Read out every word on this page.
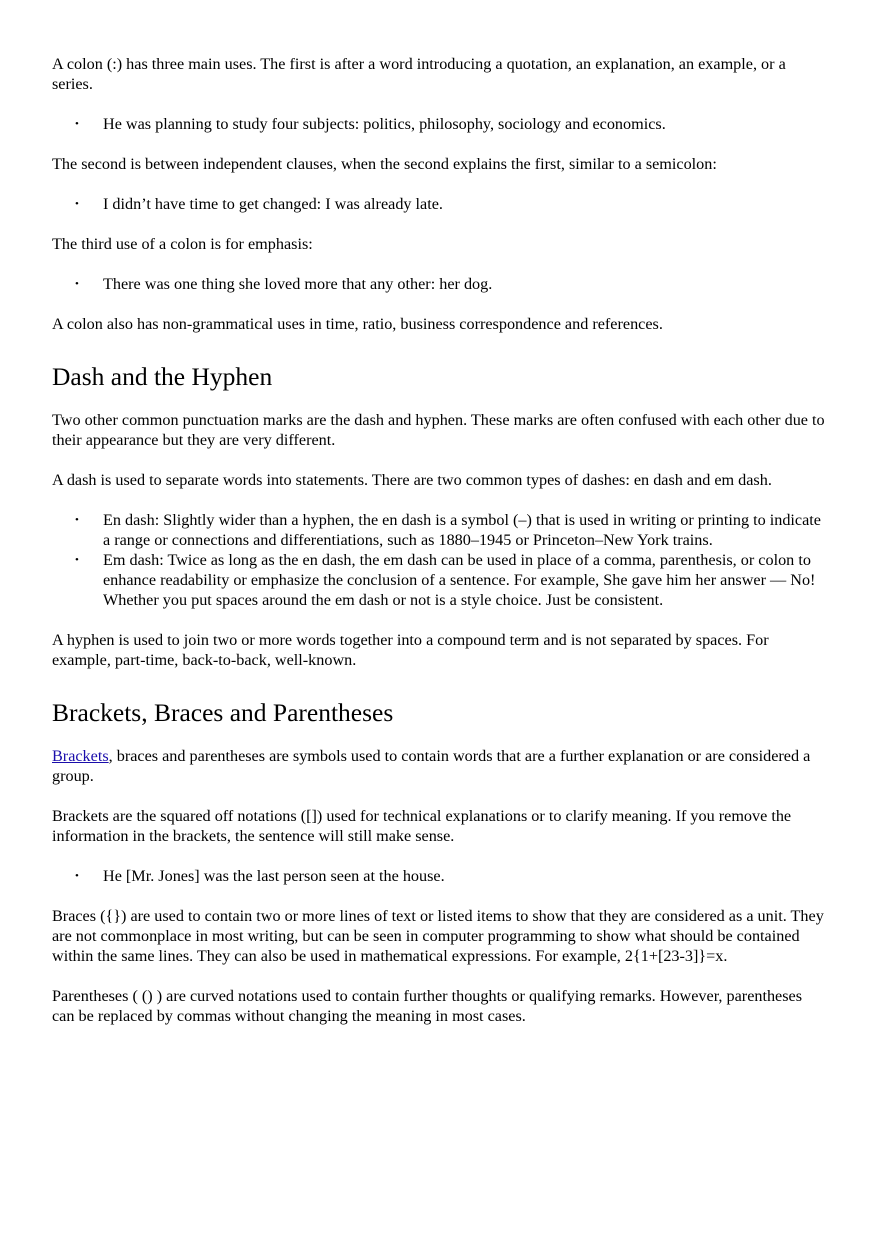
A colon (:) has three main uses. The first is after a word introducing a quotation, an explanation, an example, or a series.

• He was planning to study four subjects: politics, philosophy, sociology and economics.

The second is between independent clauses, when the second explains the first, similar to a semicolon:

• I didn’t have time to get changed: I was already late.

The third use of a colon is for emphasis:

• There was one thing she loved more that any other: her dog.

A colon also has non-grammatical uses in time, ratio, business correspondence and references.

Dash and the Hyphen

Two other common punctuation marks are the dash and hyphen. These marks are often confused with each other due to their appearance but they are very different.

A dash is used to separate words into statements. There are two common types of dashes: en dash and em dash.

• En dash: Slightly wider than a hyphen, the en dash is a symbol (–) that is used in writing or printing to indicate a range or connections and differentiations, such as 1880–1945 or Princeton–New York trains.
• Em dash: Twice as long as the en dash, the em dash can be used in place of a comma, parenthesis, or colon to enhance readability or emphasize the conclusion of a sentence. For example, She gave him her answer — No!
Whether you put spaces around the em dash or not is a style choice. Just be consistent.

A hyphen is used to join two or more words together into a compound term and is not separated by spaces. For example, part-time, back-to-back, well-known.

Brackets, Braces and Parentheses

Brackets, braces and parentheses are symbols used to contain words that are a further explanation or are considered a group.

Brackets are the squared off notations ([]) used for technical explanations or to clarify meaning. If you remove the information in the brackets, the sentence will still make sense.

• He [Mr. Jones] was the last person seen at the house.

Braces ({}) are used to contain two or more lines of text or listed items to show that they are considered as a unit. They are not commonplace in most writing, but can be seen in computer programming to show what should be contained within the same lines. They can also be used in mathematical expressions. For example, 2{1+[23-3]}=x.

Parentheses ( () ) are curved notations used to contain further thoughts or qualifying remarks. However, parentheses can be replaced by commas without changing the meaning in most cases.
